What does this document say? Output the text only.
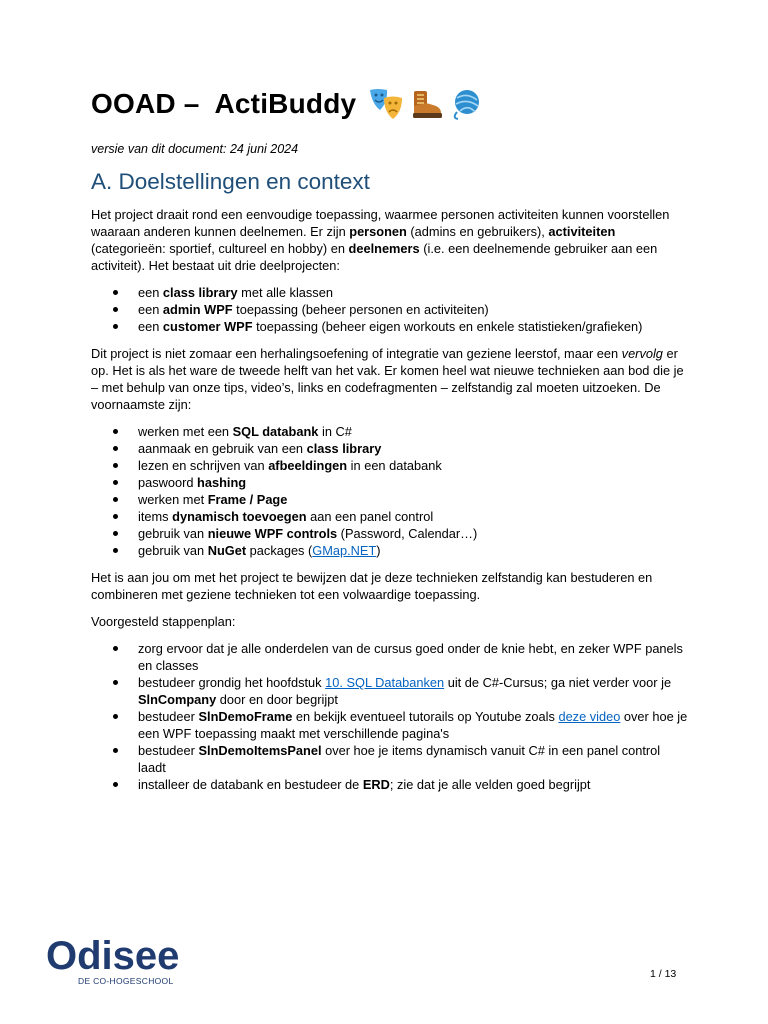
OOAD –  ActiBuddy
versie van dit document: 24 juni 2024
A. Doelstellingen en context

Het project draait rond een eenvoudige toepassing, waarmee personen activiteiten kunnen voorstellen waaraan anderen kunnen deelnemen. Er zijn personen (admins en gebruikers), activiteiten (categorieën: sportief, cultureel en hobby) en deelnemers (i.e. een deelnemende gebruiker aan een activiteit). Het bestaat uit drie deelprojecten:

een class library met alle klassen
een admin WPF toepassing (beheer personen en activiteiten)
een customer WPF toepassing (beheer eigen workouts en enkele statistieken/grafieken)

Dit project is niet zomaar een herhalingsoefening of integratie van geziene leerstof, maar een vervolg er op. Het is als het ware de tweede helft van het vak. Er komen heel wat nieuwe technieken aan bod die je – met behulp van onze tips, video’s, links en codefragmenten – zelfstandig zal moeten uitzoeken. De voornaamste zijn:

werken met een SQL databank in C#
aanmaak en gebruik van een class library
lezen en schrijven van afbeeldingen in een databank
paswoord hashing
werken met Frame / Page
items dynamisch toevoegen aan een panel control
gebruik van nieuwe WPF controls (Password, Calendar…)
gebruik van NuGet packages (GMap.NET)

Het is aan jou om met het project te bewijzen dat je deze technieken zelfstandig kan bestuderen en combineren met geziene technieken tot een volwaardige toepassing.

Voorgesteld stappenplan:

zorg ervoor dat je alle onderdelen van de cursus goed onder de knie hebt, en zeker WPF panels en classes
bestudeer grondig het hoofdstuk 10. SQL Databanken uit de C#-Cursus; ga niet verder voor je SlnCompany door en door begrijpt
bestudeer SlnDemoFrame en bekijk eventueel tutorails op Youtube zoals deze video over hoe je een WPF toepassing maakt met verschillende pagina's
bestudeer SlnDemoItemsPanel over hoe je items dynamisch vanuit C# in een panel control laadt
installeer de databank en bestudeer de ERD; zie dat je alle velden goed begrijpt
Odisee
DE CO-HOGESCHOOL
1 / 13
